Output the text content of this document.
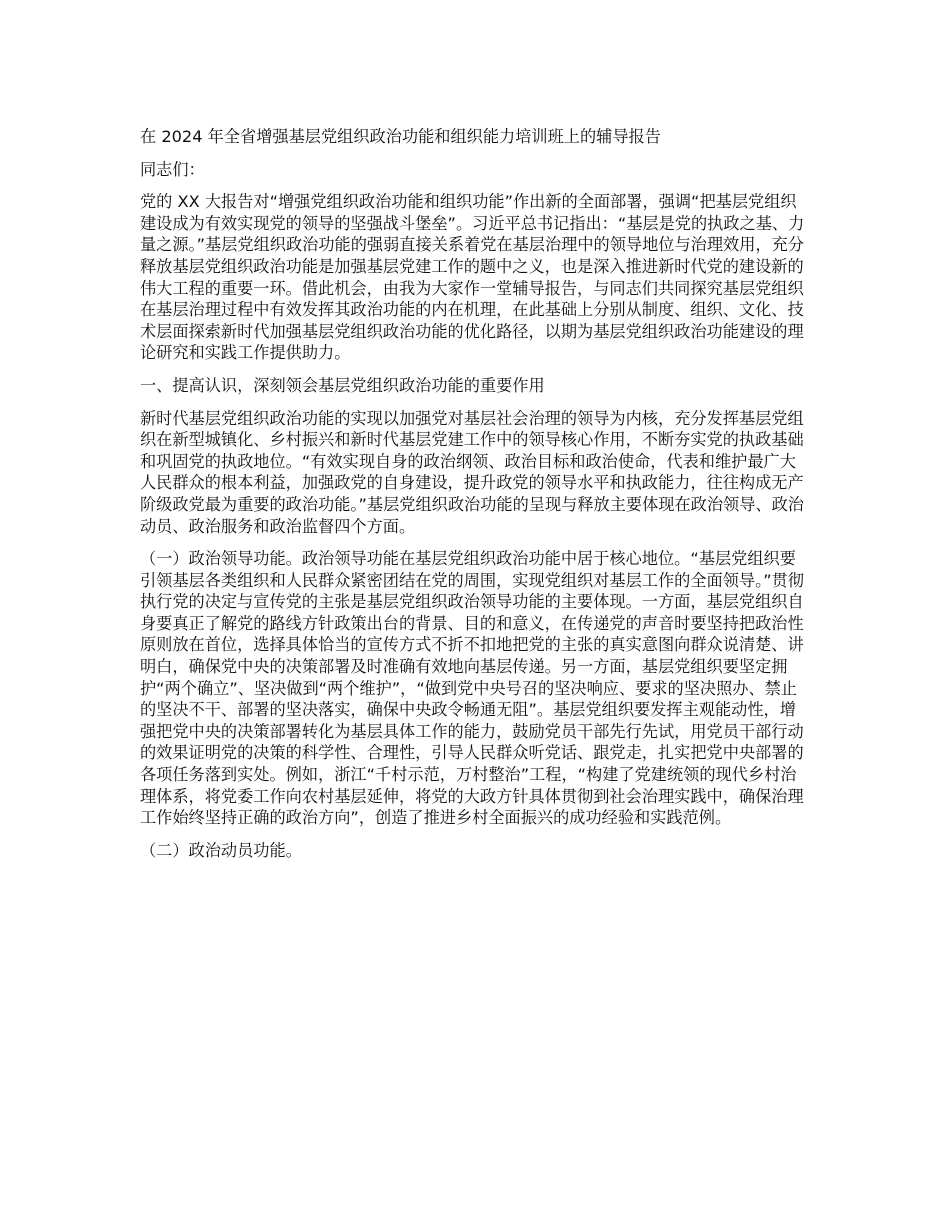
在 2024 年全省增强基层党组织政治功能和组织能力培训班上的辅导报告

同志们：

党的 XX 大报告对“增强党组织政治功能和组织功能”作出新的全面部署，强调“把基层党组织建设成为有效实现党的领导的坚强战斗堡垒”。习近平总书记指出：“基层是党的执政之基、力量之源。”基层党组织政治功能的强弱直接关系着党在基层治理中的领导地位与治理效用，充分释放基层党组织政治功能是加强基层党建工作的题中之义，也是深入推进新时代党的建设新的伟大工程的重要一环。借此机会，由我为大家作一堂辅导报告，与同志们共同探究基层党组织在基层治理过程中有效发挥其政治功能的内在机理，在此基础上分别从制度、组织、文化、技术层面探索新时代加强基层党组织政治功能的优化路径，以期为基层党组织政治功能建设的理论研究和实践工作提供助力。

一、提高认识，深刻领会基层党组织政治功能的重要作用

新时代基层党组织政治功能的实现以加强党对基层社会治理的领导为内核，充分发挥基层党组织在新型城镇化、乡村振兴和新时代基层党建工作中的领导核心作用，不断夯实党的执政基础和巩固党的执政地位。“有效实现自身的政治纲领、政治目标和政治使命，代表和维护最广大人民群众的根本利益，加强政党的自身建设，提升政党的领导水平和执政能力，往往构成无产阶级政党最为重要的政治功能。”基层党组织政治功能的呈现与释放主要体现在政治领导、政治动员、政治服务和政治监督四个方面。

（一）政治领导功能。政治领导功能在基层党组织政治功能中居于核心地位。“基层党组织要引领基层各类组织和人民群众紧密团结在党的周围，实现党组织对基层工作的全面领导。”贯彻执行党的决定与宣传党的主张是基层党组织政治领导功能的主要体现。一方面，基层党组织自身要真正了解党的路线方针政策出台的背景、目的和意义，在传递党的声音时要坚持把政治性原则放在首位，选择具体恰当的宣传方式不折不扣地把党的主张的真实意图向群众说清楚、讲明白，确保党中央的决策部署及时准确有效地向基层传递。另一方面，基层党组织要坚定拥护“两个确立”、坚决做到“两个维护”，“做到党中央号召的坚决响应、要求的坚决照办、禁止的坚决不干、部署的坚决落实，确保中央政令畅通无阻”。基层党组织要发挥主观能动性，增强把党中央的决策部署转化为基层具体工作的能力，鼓励党员干部先行先试，用党员干部行动的效果证明党的决策的科学性、合理性，引导人民群众听党话、跟党走，扎实把党中央部署的各项任务落到实处。例如，浙江“千村示范，万村整治”工程，“构建了党建统领的现代乡村治理体系，将党委工作向农村基层延伸，将党的大政方针具体贯彻到社会治理实践中，确保治理工作始终坚持正确的政治方向”，创造了推进乡村全面振兴的成功经验和实践范例。

（二）政治动员功能。
